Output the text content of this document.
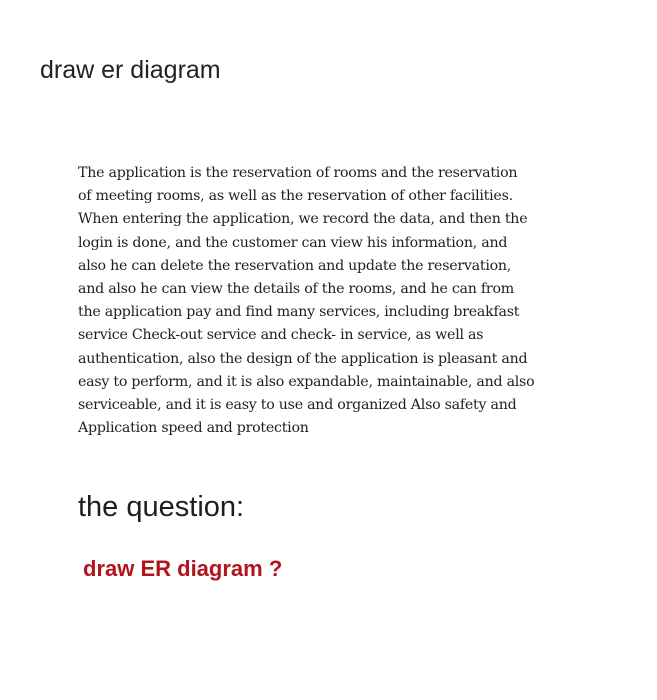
draw er diagram
The application is the reservation of rooms and the reservation
of meeting rooms, as well as the reservation of other facilities.
When entering the application, we record the data, and then the
login is done, and the customer can view his information, and
also he can delete the reservation and update the reservation,
and also he can view the details of the rooms, and he can from
the application pay and find many services, including breakfast
service Check-out service and check- in service, as well as
authentication, also the design of the application is pleasant and
easy to perform, and it is also expandable, maintainable, and also
serviceable, and it is easy to use and organized Also safety and
Application speed and protection
the question:

draw ER diagram ?
